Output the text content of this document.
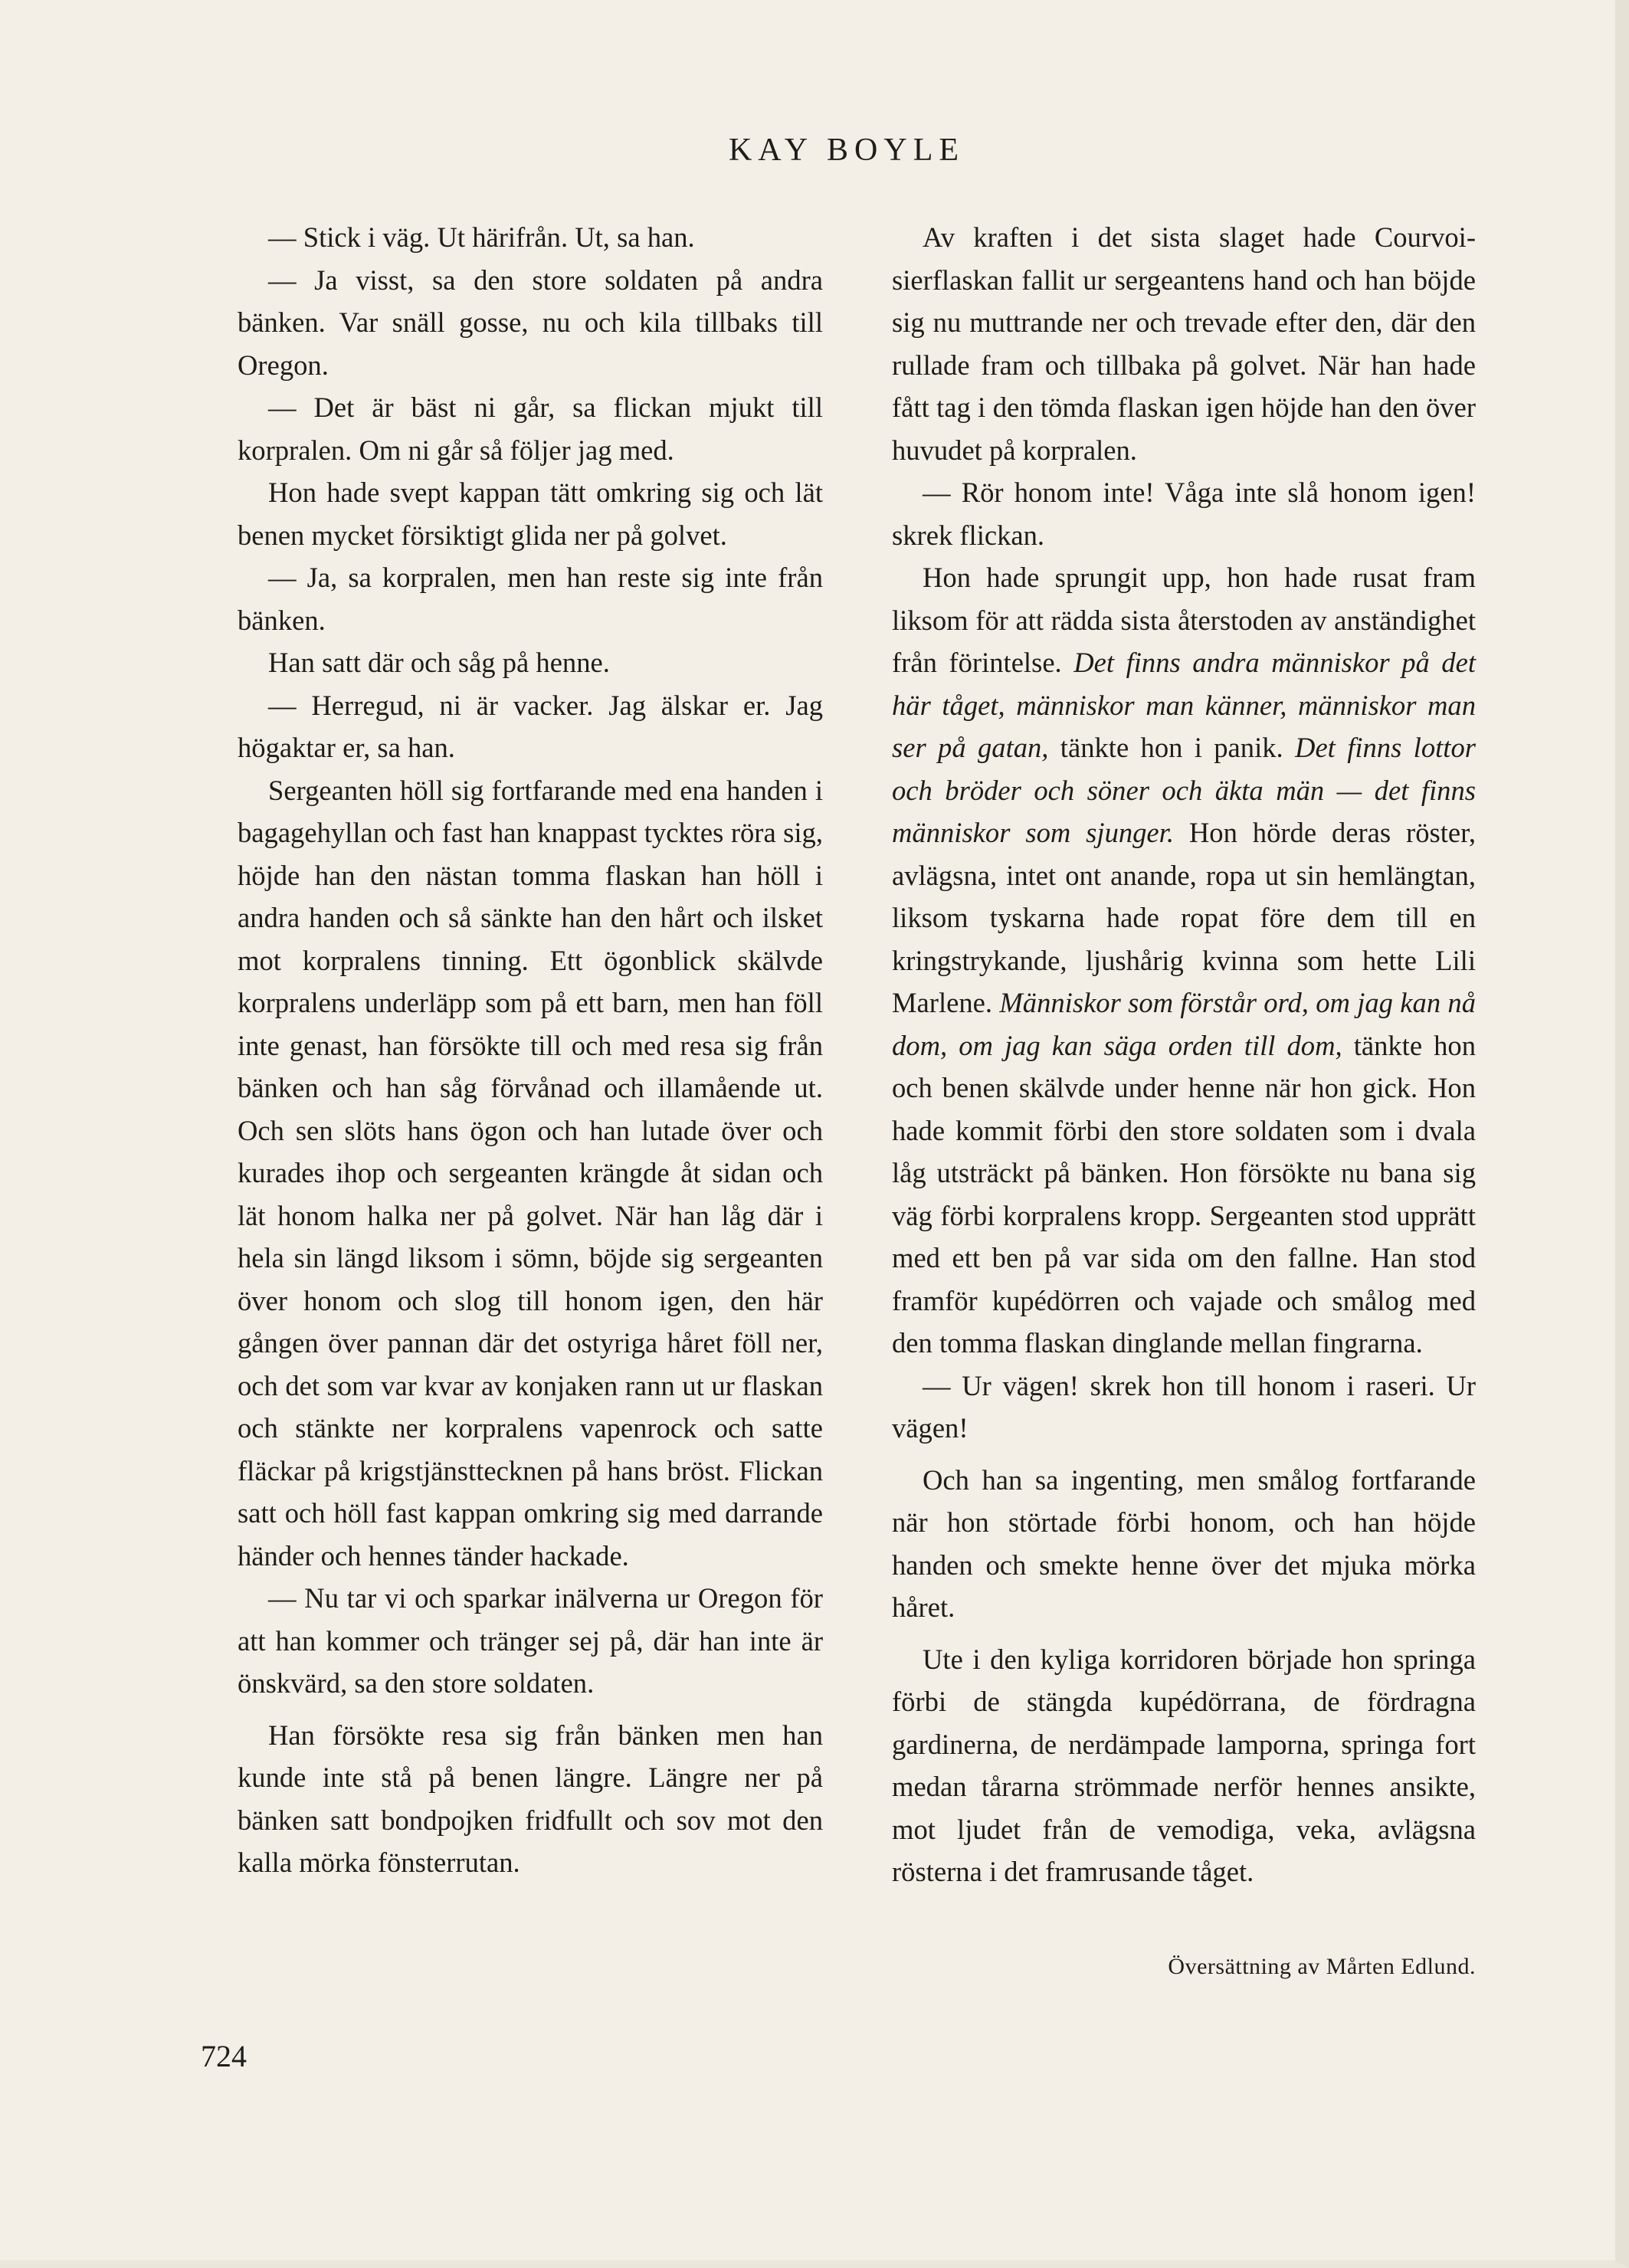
KAY BOYLE

— Stick i väg. Ut härifrån. Ut, sa han.

— Ja visst, sa den store soldaten på andra bänken. Var snäll gosse, nu och kila tillbaks till Oregon.

— Det är bäst ni går, sa flickan mjukt till korpralen. Om ni går så följer jag med.

Hon hade svept kappan tätt omkring sig och lät benen mycket försiktigt glida ner på golvet.

— Ja, sa korpralen, men han reste sig inte från bänken.

Han satt där och såg på henne.

— Herregud, ni är vacker. Jag älskar er. Jag högaktar er, sa han.

Sergeanten höll sig fortfarande med ena handen i bagagehyllan och fast han knappast tycktes röra sig, höjde han den nästan tomma flaskan han höll i andra handen och så sänkte han den hårt och ilsket mot korpralens tinning. Ett ögonblick skälvde korpralens underläpp som på ett barn, men han föll inte genast, han försökte till och med resa sig från bänken och han såg förvånad och illamående ut. Och sen slöts hans ögon och han lutade över och kurades ihop och sergeanten krängde åt sidan och lät honom halka ner på golvet. När han låg där i hela sin längd liksom i sömn, böjde sig sergeanten över honom och slog till honom igen, den här gången över pannan där det ostyriga håret föll ner, och det som var kvar av konjaken rann ut ur flaskan och stänkte ner korpralens vapenrock och satte fläckar på krigstjänsttecknen på hans bröst. Flickan satt och höll fast kappan omkring sig med darrande händer och hennes tänder hackade.

— Nu tar vi och sparkar inälverna ur Oregon för att han kommer och tränger sej på, där han inte är önskvärd, sa den store soldaten.

Han försökte resa sig från bänken men han kunde inte stå på benen längre. Längre ner på bänken satt bondpojken fridfullt och sov mot den kalla mörka fönsterrutan.

Av kraften i det sista slaget hade Courvoisierflaskan fallit ur sergeantens hand och han böjde sig nu muttrande ner och trevade efter den, där den rullade fram och tillbaka på golvet. När han hade fått tag i den tömda flaskan igen höjde han den över huvudet på korpralen.

— Rör honom inte! Våga inte slå honom igen! skrek flickan.

Hon hade sprungit upp, hon hade rusat fram liksom för att rädda sista återstoden av anständighet från förintelse. Det finns andra människor på det här tåget, människor man känner, människor man ser på gatan, tänkte hon i panik. Det finns lottor och bröder och söner och äkta män — det finns människor som sjunger. Hon hörde deras röster, avlägsna, intet ont anande, ropa ut sin hemlängtan, liksom tyskarna hade ropat före dem till en kringstrykande, ljushårig kvinna som hette Lili Marlene. Människor som förstår ord, om jag kan nå dom, om jag kan säga orden till dom, tänkte hon och benen skälvde under henne när hon gick. Hon hade kommit förbi den store soldaten som i dvala låg utsträckt på bänken. Hon försökte nu bana sig väg förbi korpralens kropp. Sergeanten stod upprätt med ett ben på var sida om den fallne. Han stod framför kupédörren och vajade och smålog med den tomma flaskan dinglande mellan fingrarna.

— Ur vägen! skrek hon till honom i raseri. Ur vägen!

Och han sa ingenting, men smålog fortfarande när hon störtade förbi honom, och han höjde handen och smekte henne över det mjuka mörka håret.

Ute i den kyliga korridoren började hon springa förbi de stängda kupédörrana, de fördragna gardinerna, de nerdämpade lamporna, springa fort medan tårarna strömmade nerför hennes ansikte, mot ljudet från de vemodiga, veka, avlägsna rösterna i det framrusande tåget.

Översättning av Mårten Edlund.
724
